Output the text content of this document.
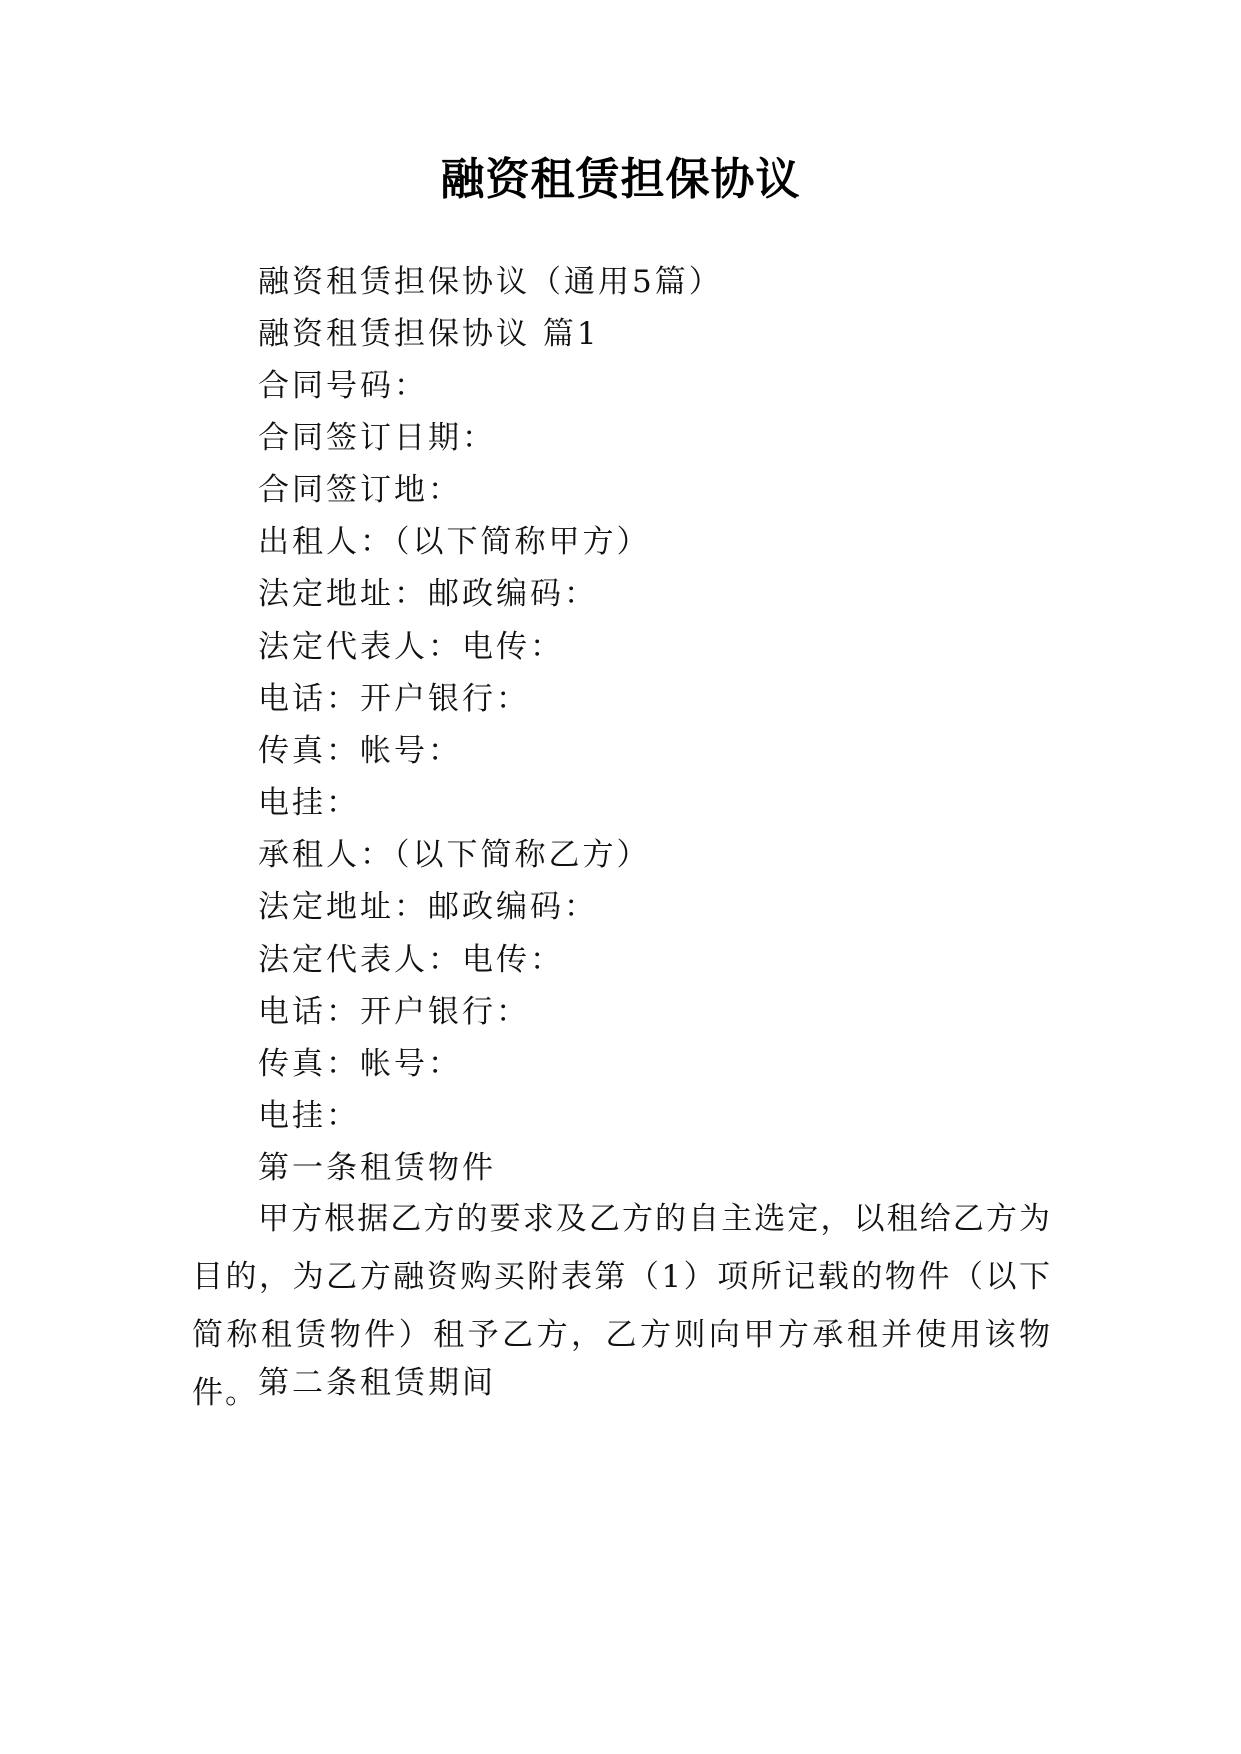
融资租赁担保协议
融资租赁担保协议（通用5篇）
融资租赁担保协议 篇1
合同号码：
合同签订日期：
合同签订地：
出租人：（以下简称甲方）
法定地址：邮政编码：
法定代表人：电传：
电话：开户银行：
传真：帐号：
电挂：
承租人：（以下简称乙方）
法定地址：邮政编码：
法定代表人：电传：
电话：开户银行：
传真：帐号：
电挂：
第一条租赁物件
甲方根据乙方的要求及乙方的自主选定，以租给乙方为目的，为乙方融资购买附表第（1）项所记载的物件（以下简称租赁物件）租予乙方，乙方则向甲方承租并使用该物件。 第二条租赁期间
